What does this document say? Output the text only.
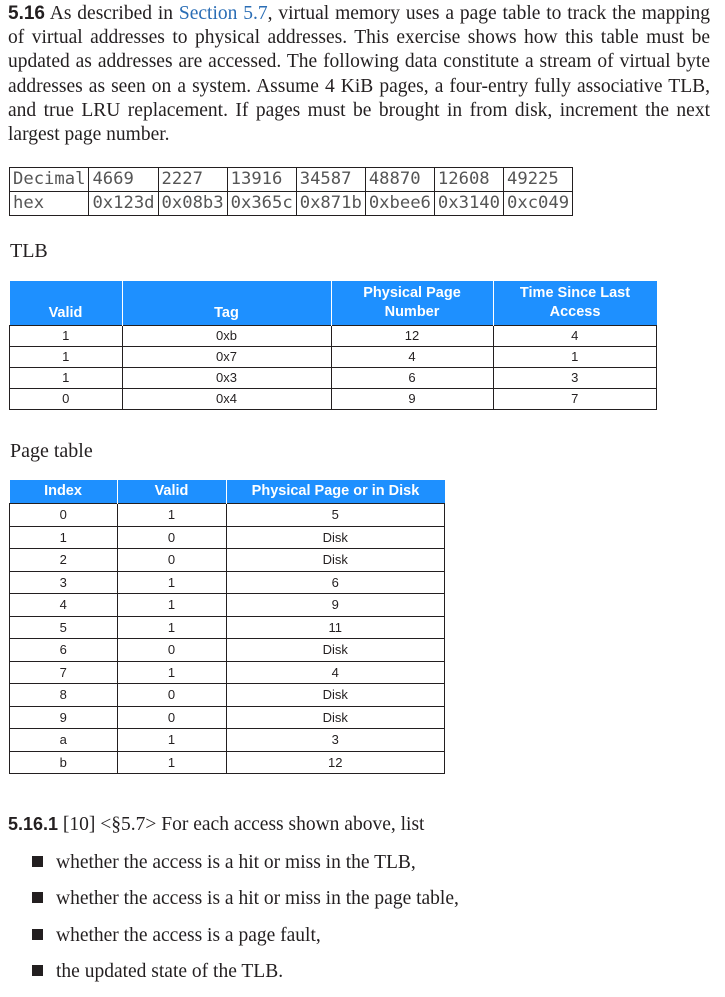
5.16 As described in Section 5.7, virtual memory uses a page table to track the mapping of virtual addresses to physical addresses. This exercise shows how this table must be updated as addresses are accessed. The following data constitute a stream of virtual byte addresses as seen on a system. Assume 4 KiB pages, a four-entry fully associative TLB, and true LRU replacement. If pages must be brought in from disk, increment the next largest page number.
Decimal	4669	2227	13916	34587	48870	12608	49225
hex	0x123d	0x08b3	0x365c	0x871b	0xbee6	0x3140	0xc049
TLB
Valid	Tag	Physical Page Number	Time Since Last Access
1	0xb	12	4
1	0x7	4	1
1	0x3	6	3
0	0x4	9	7
Page table
Index	Valid	Physical Page or in Disk
0	1	5
1	0	Disk
2	0	Disk
3	1	6
4	1	9
5	1	11
6	0	Disk
7	1	4
8	0	Disk
9	0	Disk
a	1	3
b	1	12
5.16.1 [10] <§5.7> For each access shown above, list
whether the access is a hit or miss in the TLB,
whether the access is a hit or miss in the page table,
whether the access is a page fault,
the updated state of the TLB.
